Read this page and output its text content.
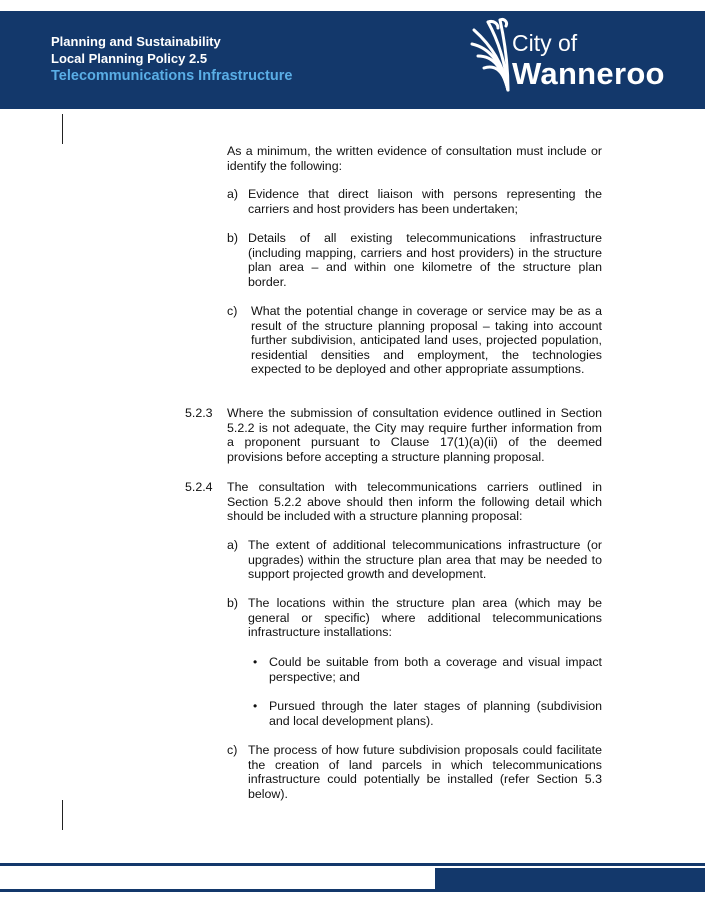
Planning and Sustainability
Local Planning Policy 2.5
Telecommunications Infrastructure
City of
Wanneroo

As a minimum, the written evidence of consultation must include or identify the following:

a) Evidence that direct liaison with persons representing the carriers and host providers has been undertaken;

b) Details of all existing telecommunications infrastructure (including mapping, carriers and host providers) in the structure plan area – and within one kilometre of the structure plan border.

c) What the potential change in coverage or service may be as a result of the structure planning proposal – taking into account further subdivision, anticipated land uses, projected population, residential densities and employment, the technologies expected to be deployed and other appropriate assumptions.

5.2.3 Where the submission of consultation evidence outlined in Section 5.2.2 is not adequate, the City may require further information from a proponent pursuant to Clause 17(1)(a)(ii) of the deemed provisions before accepting a structure planning proposal.

5.2.4 The consultation with telecommunications carriers outlined in Section 5.2.2 above should then inform the following detail which should be included with a structure planning proposal:

a) The extent of additional telecommunications infrastructure (or upgrades) within the structure plan area that may be needed to support projected growth and development.

b) The locations within the structure plan area (which may be general or specific) where additional telecommunications infrastructure installations:

• Could be suitable from both a coverage and visual impact perspective; and

• Pursued through the later stages of planning (subdivision and local development plans).

c) The process of how future subdivision proposals could facilitate the creation of land parcels in which telecommunications infrastructure could potentially be installed (refer Section 5.3 below).
